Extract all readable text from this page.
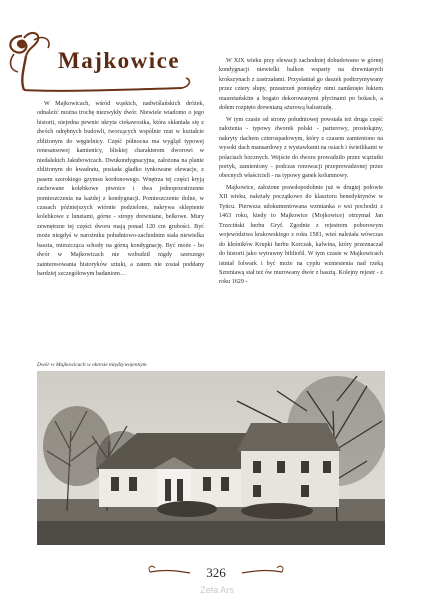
Majkowice

W Majkowicach, wśród wąskich, nadwiślańskich dróżek, odnaleźć można trochę niezwykły dwór. Niewiele wiadomo o jego historii, niejedna pewnie ukryta ciekawostka, która skłaniała się z dwóch odrębnych budowli, tworzących wspólnie rzut w kształcie zbliżonym do węgielnicy. Część północna ma wygląd typowej renesansowej kamienicy, bliskiej charakterem dworowi w niedalekich Jakubowicach. Dwukondygnacyjna, założona na planie zbliżonym do kwadratu, posiada gładko tynkowane elewacje, z pasem szerokiego gzymsu kordonowego. Wnętrza tej części kryją zachowane kolebkowe piwnice i dwa jednoprzestrzenne pomieszczenia na każdej z kondygnacji. Pomieszczenie dolne, w czasach późniejszych wtórnie podzielone, nakrywa sklepienie kolebkowe z lunetami, górne - stropy drewniane, belkowe. Mury zewnętrzne tej części dworu mają ponad 120 cm grubości. Być może niegdyś w narożniku południowo-zachodnim stała niewielka baszta, mieszcząca schody na górną kondygnację. Być może - bo dwór w Majkowicach nie wzbudził nigdy szerszego zainteresowania historyków sztuki, a zatem nie został poddany bardziej szczegółowym badaniom…

W XIX wieku przy elewacji zachodniej dobudowano w górnej kondygnacji niewielki balkon wsparty na drewnianych krokszynach z zastrzałami. Przysłaniał go daszek podtrzymywany przez cztery słupy, przestrzeń pomiędzy nimi zamknięto łukiem mauretańskim a bogato dekorowanymi płycinami po bokach, a dołem rozpięto drewnianą ażurową balustradę.

W tym czasie od strony południowej powstała też druga część założenia - typowy dworek polski - parterowy, prostokątny, nakryty dachem czterospadowym, który z czasem zamieniono na wysoki dach mansardowy z wystawkami na osiach i świetlikami w polaciach bocznych. Wejście do dworu prowadziło przez wąziutki portyk, zamieniony - podczas renowacji przeprowadzonej przez obecnych właścicieli - na typowy ganek kolumnowy.

Majkowice, założone prawdopodobnie już w drugiej połowie XII wieku, należały początkowo do klasztoru benedyktynów w Tyńcu. Pierwsza udokumentowana wzmianka o wsi pochodzi z 1463 roku, kiedy to Majkowice (Mojkowice) otrzymał Jan Trzeciński herbu Gryf. Zgodnie z rejestrem poborowym województwa krakowskiego z roku 1581, wieś należała wówczas do kleśników Krupki herbu Korczak, kalwina, który przeznaczał do historii jako wytrawny bibliofil. W tym czasie w Majkowicach istniał folwark i być może na cyplu wzniesienia nad rzeką Szreniawą stał też ów murowany dwór z basztą. Kolejny rejestr - z roku 1629 -

Dwór w Majkowicach w okresie międzywojennym
326
Zeta Ars
